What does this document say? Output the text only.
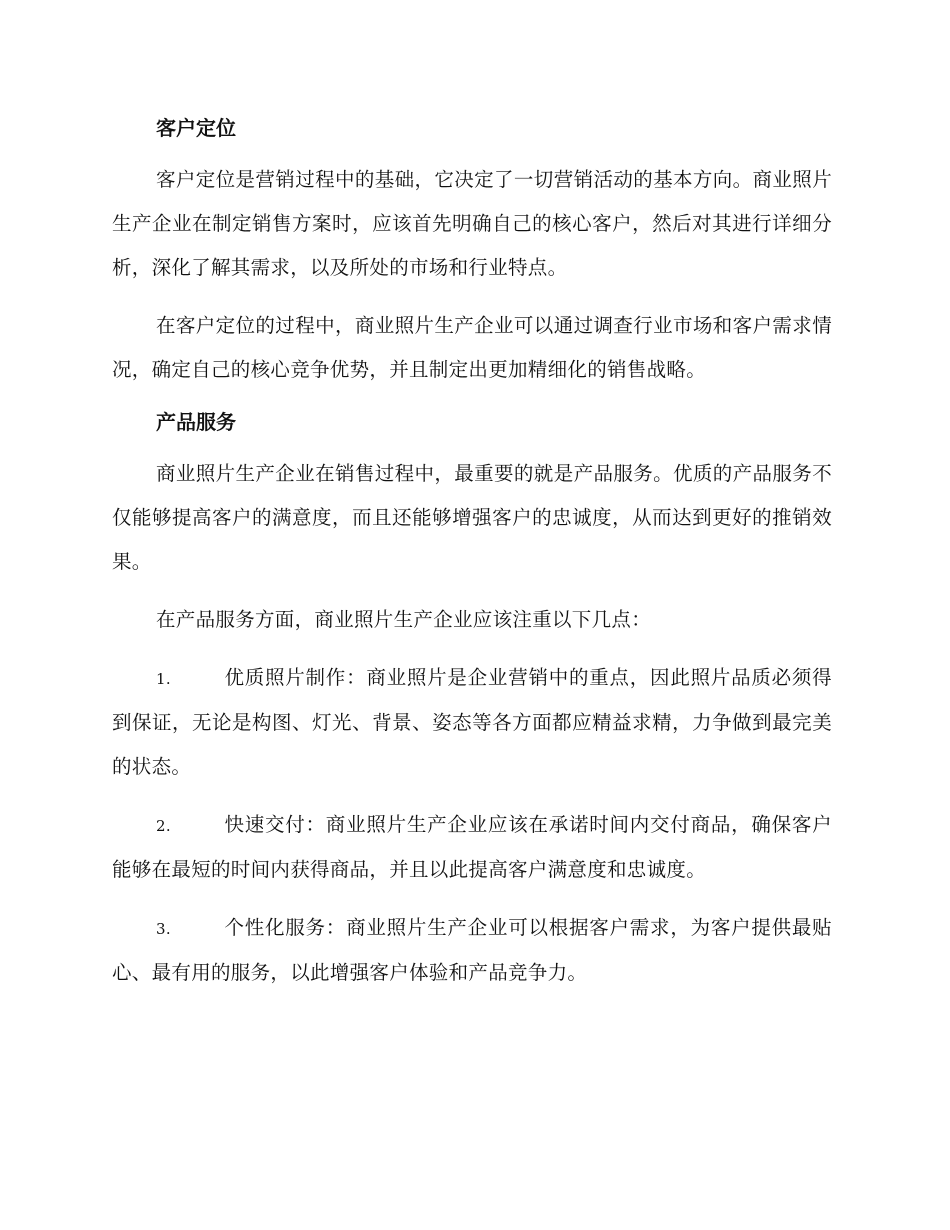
客户定位

客户定位是营销过程中的基础，它决定了一切营销活动的基本方向。商业照片生产企业在制定销售方案时，应该首先明确自己的核心客户，然后对其进行详细分析，深化了解其需求，以及所处的市场和行业特点。

在客户定位的过程中，商业照片生产企业可以通过调查行业市场和客户需求情况，确定自己的核心竞争优势，并且制定出更加精细化的销售战略。

产品服务

商业照片生产企业在销售过程中，最重要的就是产品服务。优质的产品服务不仅能够提高客户的满意度，而且还能够增强客户的忠诚度，从而达到更好的推销效果。

在产品服务方面，商业照片生产企业应该注重以下几点：

1.	优质照片制作：商业照片是企业营销中的重点，因此照片品质必须得到保证，无论是构图、灯光、背景、姿态等各方面都应精益求精，力争做到最完美的状态。
2.	快速交付：商业照片生产企业应该在承诺时间内交付商品，确保客户能够在最短的时间内获得商品，并且以此提高客户满意度和忠诚度。
3.	个性化服务：商业照片生产企业可以根据客户需求，为客户提供最贴心、最有用的服务，以此增强客户体验和产品竞争力。
